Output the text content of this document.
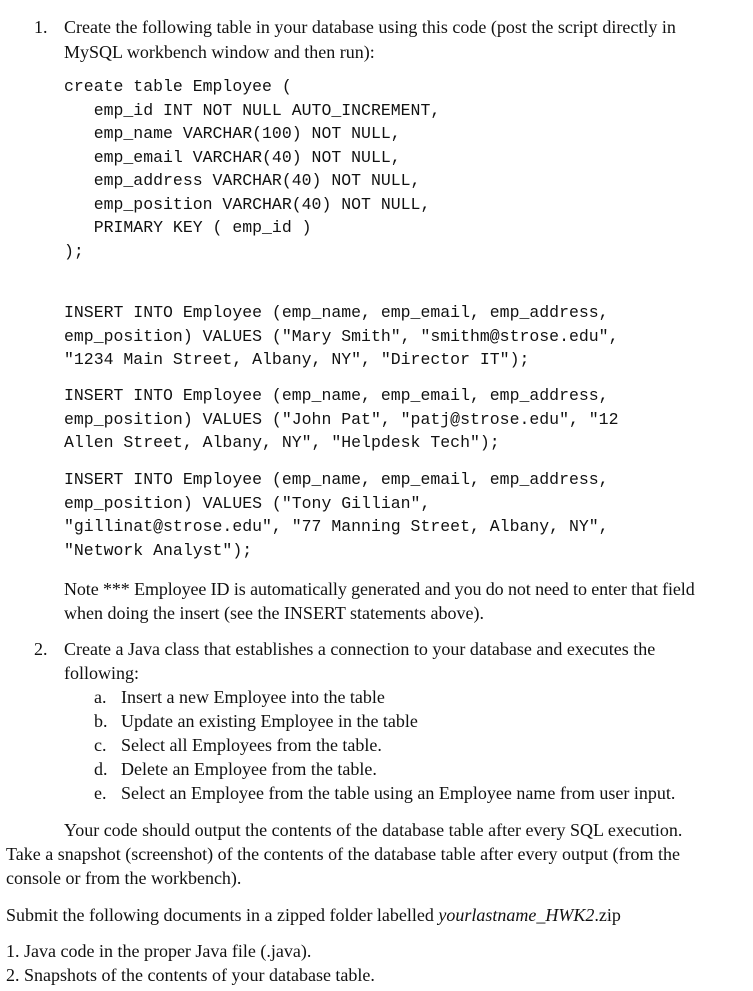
1. Create the following table in your database using this code (post the script directly in
MySQL workbench window and then run):
create table Employee (
emp_id INT NOT NULL AUTO_INCREMENT,
emp_name VARCHAR(100) NOT NULL,
emp_email VARCHAR(40) NOT NULL,
emp_address VARCHAR(40) NOT NULL,
emp_position VARCHAR(40) NOT NULL,
PRIMARY KEY ( emp_id )
);
INSERT INTO Employee (emp_name, emp_email, emp_address,
emp_position) VALUES ("Mary Smith", "smithm@strose.edu",
"1234 Main Street, Albany, NY", "Director IT");
INSERT INTO Employee (emp_name, emp_email, emp_address,
emp_position) VALUES ("John Pat", "patj@strose.edu", "12
Allen Street, Albany, NY", "Helpdesk Tech");
INSERT INTO Employee (emp_name, emp_email, emp_address,
emp_position) VALUES ("Tony Gillian",
"gillinat@strose.edu", "77 Manning Street, Albany, NY",
"Network Analyst");
Note *** Employee ID is automatically generated and you do not need to enter that field
when doing the insert (see the INSERT statements above).
2. Create a Java class that establishes a connection to your database and executes the
following:
a. Insert a new Employee into the table
b. Update an existing Employee in the table
c. Select all Employees from the table.
d. Delete an Employee from the table.
e. Select an Employee from the table using an Employee name from user input.
Your code should output the contents of the database table after every SQL execution.
Take a snapshot (screenshot) of the contents of the database table after every output (from the
console or from the workbench).
Submit the following documents in a zipped folder labelled yourlastname_HWK2.zip
1. Java code in the proper Java file (.java).
2. Snapshots of the contents of your database table.
